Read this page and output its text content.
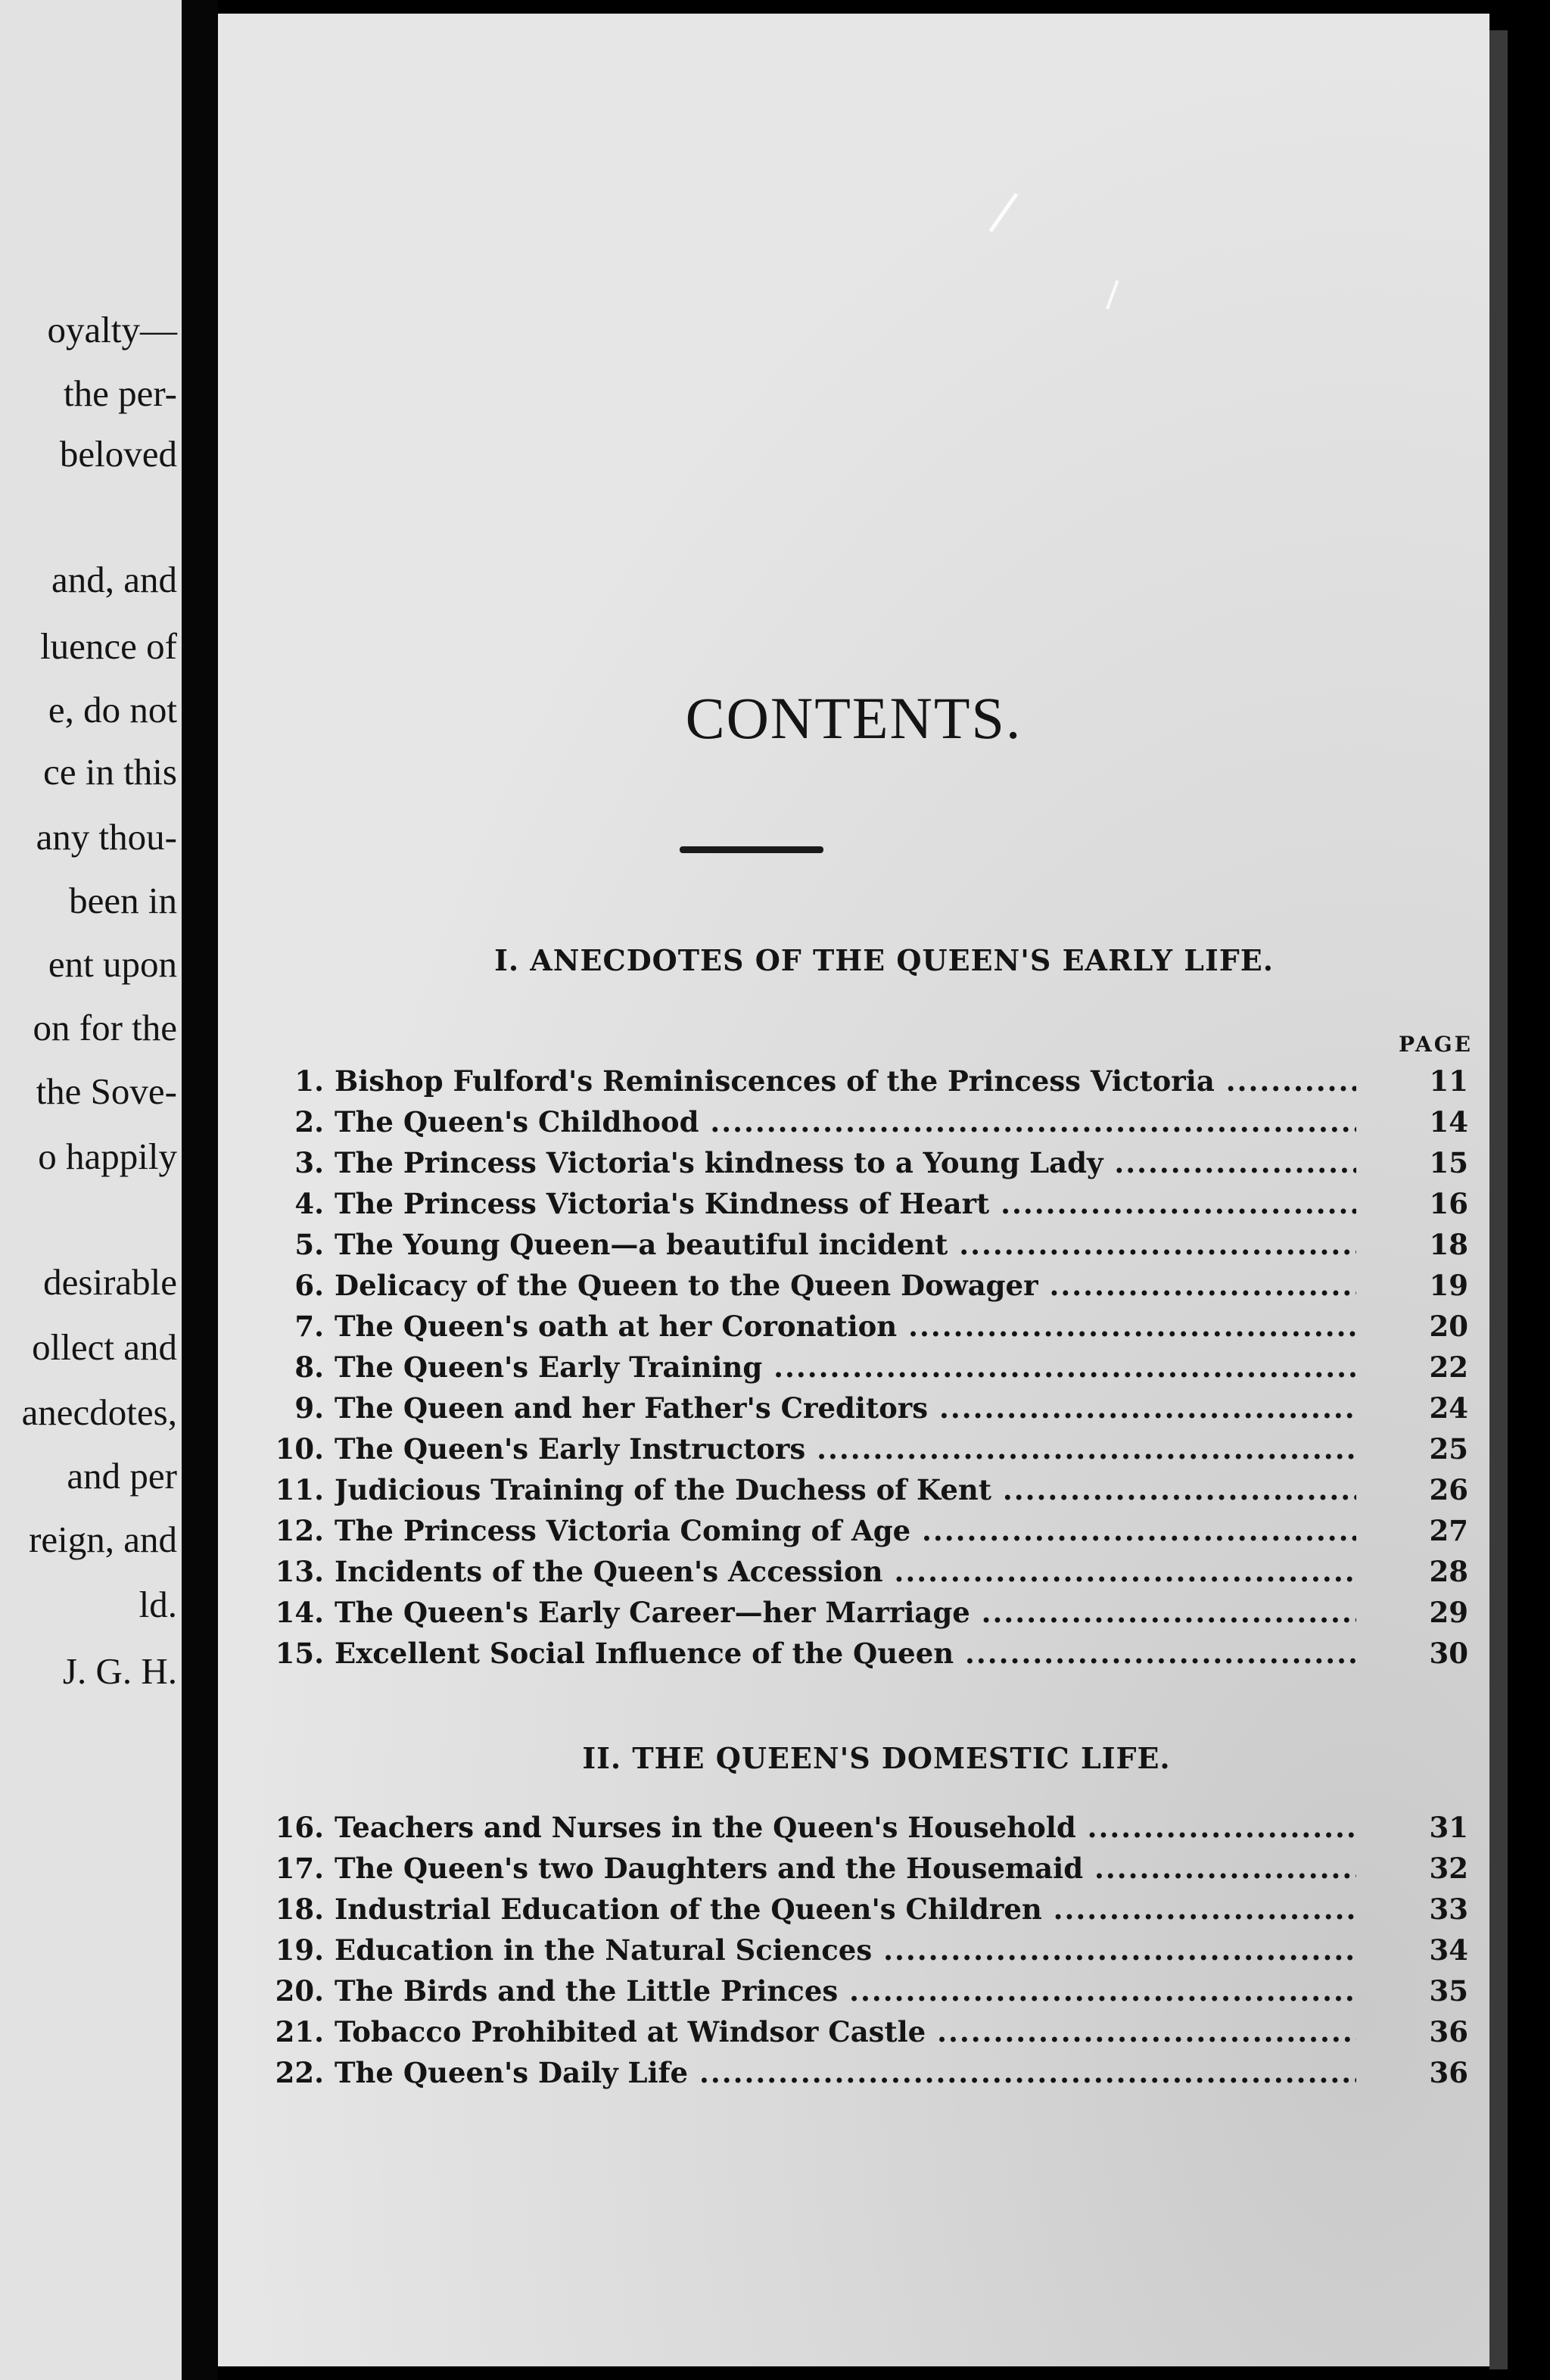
oyalty—
the per-
beloved
and, and
luence of
e, do not
ce in this
any thou-
been in
ent upon
on for the
the Sove-
o happily
desirable
ollect and
anecdotes,
and per
reign, and
ld.
J. G. H.
CONTENTS.
I. ANECDOTES OF THE QUEEN'S EARLY LIFE.
PAGE
1. Bishop Fulford's Reminiscences of the Princess Victoria .....	11
2. The Queen's Childhood .....	14
3. The Princess Victoria's kindness to a Young Lady .....	15
4. The Princess Victoria's Kindness of Heart .....	16
5. The Young Queen—a beautiful incident .....	18
6. Delicacy of the Queen to the Queen Dowager .....	19
7. The Queen's oath at her Coronation .....	20
8. The Queen's Early Training .....	22
9. The Queen and her Father's Creditors .....	24
10. The Queen's Early Instructors .....	25
11. Judicious Training of the Duchess of Kent .....	26
12. The Princess Victoria Coming of Age .....	27
13. Incidents of the Queen's Accession .....	28
14. The Queen's Early Career—her Marriage .....	29
15. Excellent Social Influence of the Queen .....	30
II. THE QUEEN'S DOMESTIC LIFE.
16. Teachers and Nurses in the Queen's Household .....	31
17. The Queen's two Daughters and the Housemaid .....	32
18. Industrial Education of the Queen's Children .....	33
19. Education in the Natural Sciences .....	34
20. The Birds and the Little Princes .....	35
21. Tobacco Prohibited at Windsor Castle .....	36
22. The Queen's Daily Life .....	36
